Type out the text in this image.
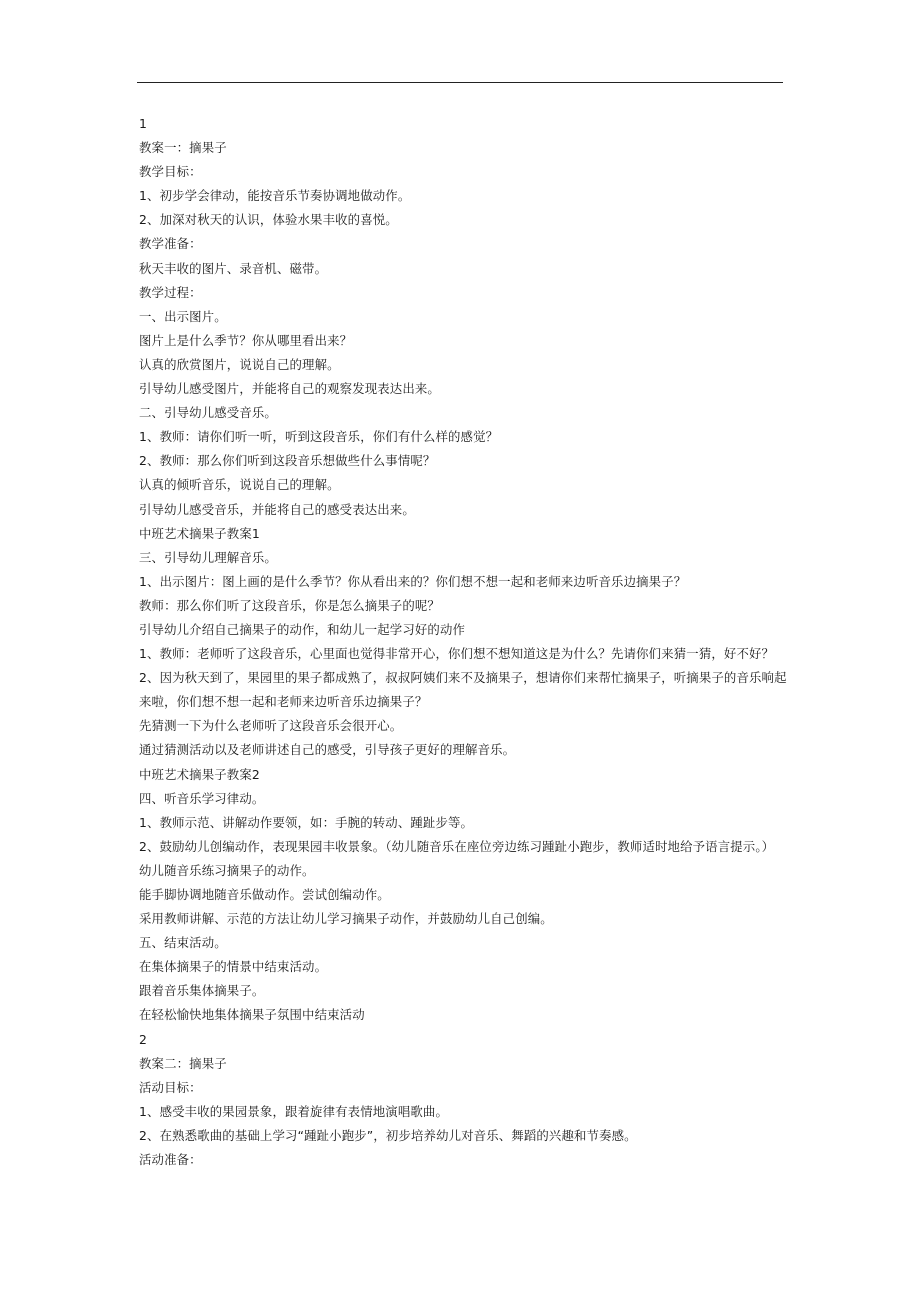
1
教案一：摘果子
教学目标：
1、初步学会律动，能按音乐节奏协调地做动作。
2、加深对秋天的认识，体验水果丰收的喜悦。
教学准备：
秋天丰收的图片、录音机、磁带。
教学过程：
一、出示图片。
图片上是什么季节？你从哪里看出来？
认真的欣赏图片，说说自己的理解。
引导幼儿感受图片，并能将自己的观察发现表达出来。
二、引导幼儿感受音乐。
1、教师：请你们听一听，听到这段音乐，你们有什么样的感觉？
2、教师：那么你们听到这段音乐想做些什么事情呢？
认真的倾听音乐，说说自己的理解。
引导幼儿感受音乐，并能将自己的感受表达出来。
中班艺术摘果子教案1
三、引导幼儿理解音乐。
1、出示图片：图上画的是什么季节？你从看出来的？你们想不想一起和老师来边听音乐边摘果子？
教师：那么你们听了这段音乐，你是怎么摘果子的呢？
引导幼儿介绍自己摘果子的动作，和幼儿一起学习好的动作
1、教师：老师听了这段音乐，心里面也觉得非常开心，你们想不想知道这是为什么？先请你们来猜一猜，好不好？
2、因为秋天到了，果园里的果子都成熟了，叔叔阿姨们来不及摘果子，想请你们来帮忙摘果子，听摘果子的音乐响起
来啦，你们想不想一起和老师来边听音乐边摘果子？
先猜测一下为什么老师听了这段音乐会很开心。
通过猜测活动以及老师讲述自己的感受，引导孩子更好的理解音乐。
中班艺术摘果子教案2
四、听音乐学习律动。
1、教师示范、讲解动作要领，如：手腕的转动、踵趾步等。
2、鼓励幼儿创编动作，表现果园丰收景象。（幼儿随音乐在座位旁边练习踵趾小跑步，教师适时地给予语言提示。）
幼儿随音乐练习摘果子的动作。
能手脚协调地随音乐做动作。尝试创编动作。
采用教师讲解、示范的方法让幼儿学习摘果子动作，并鼓励幼儿自己创编。
五、结束活动。
在集体摘果子的情景中结束活动。
跟着音乐集体摘果子。
在轻松愉快地集体摘果子氛围中结束活动
2
教案二：摘果子
活动目标：
1、感受丰收的果园景象，跟着旋律有表情地演唱歌曲。
2、在熟悉歌曲的基础上学习“踵趾小跑步”，初步培养幼儿对音乐、舞蹈的兴趣和节奏感。
活动准备：
